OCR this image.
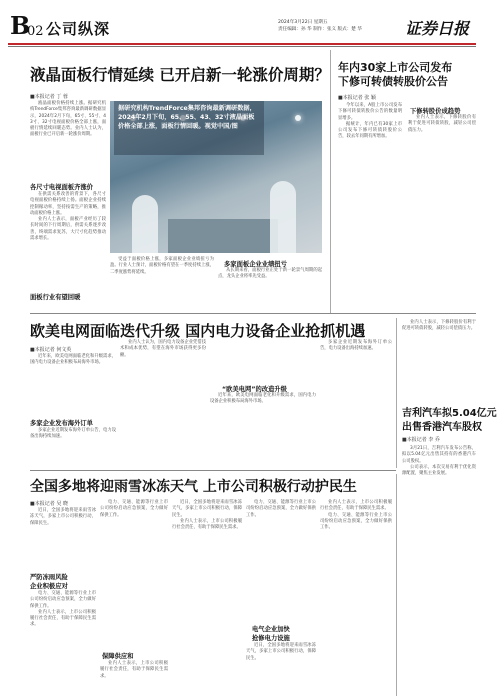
B
02 公司纵深	2024年3月22日 星期五
责任编辑：孙 华 制作：张义 版式：楚 华	证券日报
液晶面板行情延续 已开启新一轮涨价周期？
■本报记者 丁 蓉

液晶面板价格持续上涨。据研究机构TrendForce集邦咨询最新调研数据显示，2024年2月下旬，65寸、55寸、43寸、32寸电视面板价格全部上涨，面板行情延续回暖态势。业内人士认为，面板行业已开启新一轮涨价周期。

各尺寸电视面板齐涨价

在供需关系改善的背景下，各尺寸电视面板价格持续上扬。面板企业持续控制稼动率，坚持按需生产的策略，推动面板价格上涨。

业内人士表示，面板产业经历了较长时间的下行周期后，供需关系逐步改善，终端需求复苏，大尺寸化趋势推动需求增长。

据研究机构TrendForce集邦咨询最新调研数据，2024年2月下旬，65、55、43、32寸液晶面板价格全部上涨，面板行情回暖。视觉中国/图

受益于面板价格上涨，多家面板企业业绩扭亏为盈。行业人士预计，面板价格有望在一季度持续上涨，二季度涨势将延续。

多家面板企业业绩扭亏

从长期来看，面板行业正处于新一轮景气周期的起点，龙头企业将率先受益。

面板行业有望回暖
年内30家上市公司发布
下修可转债转股价公告
■本报记者 张 颖

今年以来，A股上市公司发布下修可转债转股价公告的数量明显增多。

据统计，年内已有30家上市公司发布下修可转债转股价公告，较去年同期有所增加。

下修转股价成趋势

业内人士表示，下修转股价有利于促进可转债转股，减轻公司偿债压力。

欧美电网面临迭代升级 国内电力设备企业抢抓机遇
■本报记者 何文英

近年来，欧美电网面临老化和升级需求，国内电力设备企业积极布局海外市场。

多家企业发布海外订单

多家企业近期发布海外订单公告，电力设备出海持续加速。

业内人士认为，国内电力设备企业凭借技术和成本优势，有望在海外市场获得更多份额。

“欧美电网”的改造升级

近年来，欧美电网面临老化和升级需求，国内电力设备企业积极布局海外市场。

多家企业近期发布海外订单公告，电力设备出海持续加速。

业内人士表示，下修转股价有利于促进可转债转股，减轻公司偿债压力。

吉利汽车拟5.04亿元
出售香港汽车股权
■本报记者 李 乔
全国多地将迎雨雪冰冻天气 上市公司积极行动护民生
■本报记者 吴 晓

近日，全国多地将迎来雨雪冰冻天气，多家上市公司积极行动，保障民生。

严防冻雨风险
企业积极应对

电力、交通、能源等行业上市公司纷纷启动应急预案，全力做好保供工作。

业内人士表示，上市公司积极履行社会责任，有助于保障民生需求。

电力、交通、能源等行业上市公司纷纷启动应急预案，全力做好保供工作。

保障供应和

业内人士表示，上市公司积极履行社会责任，有助于保障民生需求。

近日，全国多地将迎来雨雪冰冻天气，多家上市公司积极行动，保障民生。

业内人士表示，上市公司积极履行社会责任，有助于保障民生需求。

电力、交通、能源等行业上市公司纷纷启动应急预案，全力做好保供工作。

电气企业加快
抢修电力设施

近日，全国多地将迎来雨雪冰冻天气，多家上市公司积极行动，保障民生。

业内人士表示，上市公司积极履行社会责任，有助于保障民生需求。

电力、交通、能源等行业上市公司纷纷启动应急预案，全力做好保供工作。

3月21日，吉利汽车发布公告称，拟以5.04亿元出售其持有的香港汽车公司股权。

公司表示，本次交易有利于优化资源配置，聚焦主业发展。
